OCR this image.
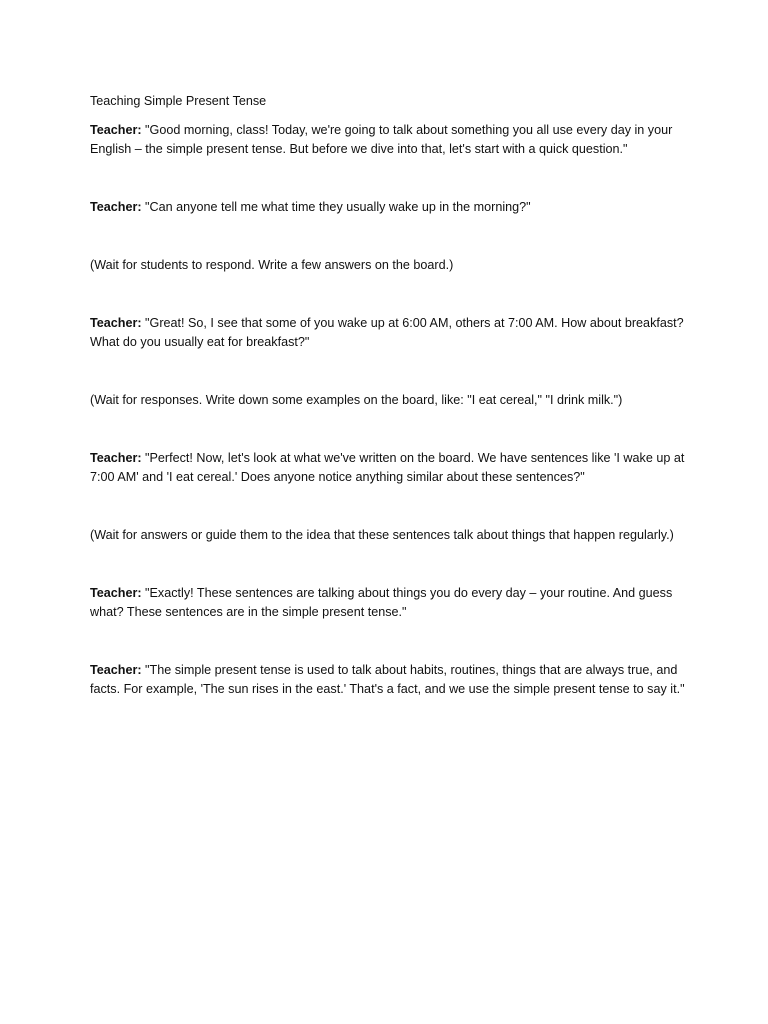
Teaching Simple Present Tense

Teacher: "Good morning, class! Today, we're going to talk about something you all use every day in your English – the simple present tense. But before we dive into that, let's start with a quick question."

Teacher: "Can anyone tell me what time they usually wake up in the morning?"

(Wait for students to respond. Write a few answers on the board.)

Teacher: "Great! So, I see that some of you wake up at 6:00 AM, others at 7:00 AM. How about breakfast? What do you usually eat for breakfast?"

(Wait for responses. Write down some examples on the board, like: "I eat cereal," "I drink milk.")

Teacher: "Perfect! Now, let's look at what we've written on the board. We have sentences like 'I wake up at 7:00 AM' and 'I eat cereal.' Does anyone notice anything similar about these sentences?"

(Wait for answers or guide them to the idea that these sentences talk about things that happen regularly.)

Teacher: "Exactly! These sentences are talking about things you do every day – your routine. And guess what? These sentences are in the simple present tense."

Teacher: "The simple present tense is used to talk about habits, routines, things that are always true, and facts. For example, 'The sun rises in the east.' That's a fact, and we use the simple present tense to say it."
